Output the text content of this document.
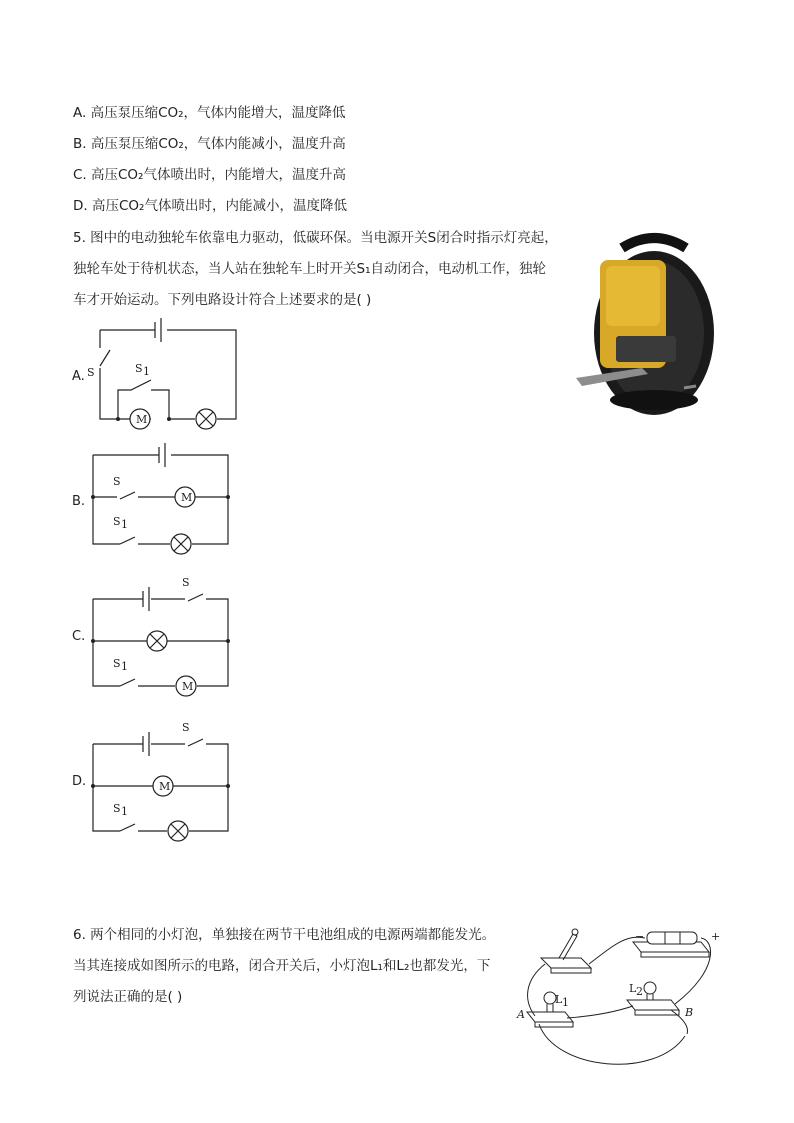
A. 高压泵压缩CO₂，气体内能增大，温度降低
B. 高压泵压缩CO₂，气体内能减小，温度升高
C. 高压CO₂气体喷出时，内能增大，温度升高
D. 高压CO₂气体喷出时，内能减小，温度降低
5. 图中的电动独轮车依靠电力驱动，低碳环保。当电源开关S闭合时指示灯亮起，
独轮车处于待机状态，当人站在独轮车上时开关S₁自动闭合，电动机工作，独轮
车才开始运动。下列电路设计符合上述要求的是( )
A.
B.
C.
D.
M
S	S 1
M
S
S 1
M
S
S 1
M
S
S 1
6. 两个相同的小灯泡，单独接在两节干电池组成的电源两端都能发光。
当其连接成如图所示的电路，闭合开关后，小灯泡L₁和L₂也都发光，下
列说法正确的是( )	L 1
L 2
A	B
−	+
